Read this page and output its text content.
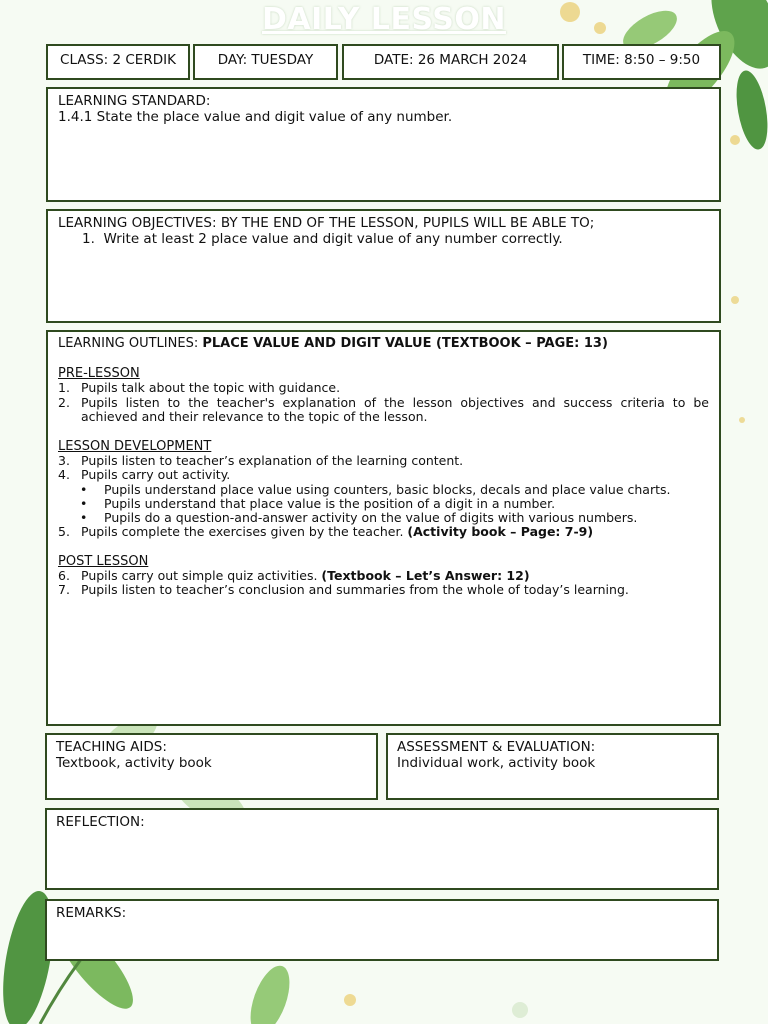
DAILY LESSON
CLASS: 2 CERDIK	DAY: TUESDAY	DATE: 26 MARCH 2024	TIME: 8:50 – 9:50
LEARNING STANDARD:
1.4.1 State the place value and digit value of any number.
LEARNING OBJECTIVES: BY THE END OF THE LESSON, PUPILS WILL BE ABLE TO;
1. Write at least 2 place value and digit value of any number correctly.
LEARNING OUTLINES: PLACE VALUE AND DIGIT VALUE (TEXTBOOK – PAGE: 13)
PRE-LESSON
1. Pupils talk about the topic with guidance.
2. Pupils listen to the teacher's explanation of the lesson objectives and success criteria to be achieved and their relevance to the topic of the lesson.
LESSON DEVELOPMENT
3. Pupils listen to teacher’s explanation of the learning content.
4. Pupils carry out activity.
•	Pupils understand place value using counters, basic blocks, decals and place value charts.
•	Pupils understand that place value is the position of a digit in a number.
•	Pupils do a question-and-answer activity on the value of digits with various numbers.
5. Pupils complete the exercises given by the teacher. (Activity book – Page: 7-9)
POST LESSON
6. Pupils carry out simple quiz activities. (Textbook – Let’s Answer: 12)
7. Pupils listen to teacher’s conclusion and summaries from the whole of today’s learning.
TEACHING AIDS:
Textbook, activity book
ASSESSMENT & EVALUATION:
Individual work, activity book
REFLECTION:
REMARKS:
